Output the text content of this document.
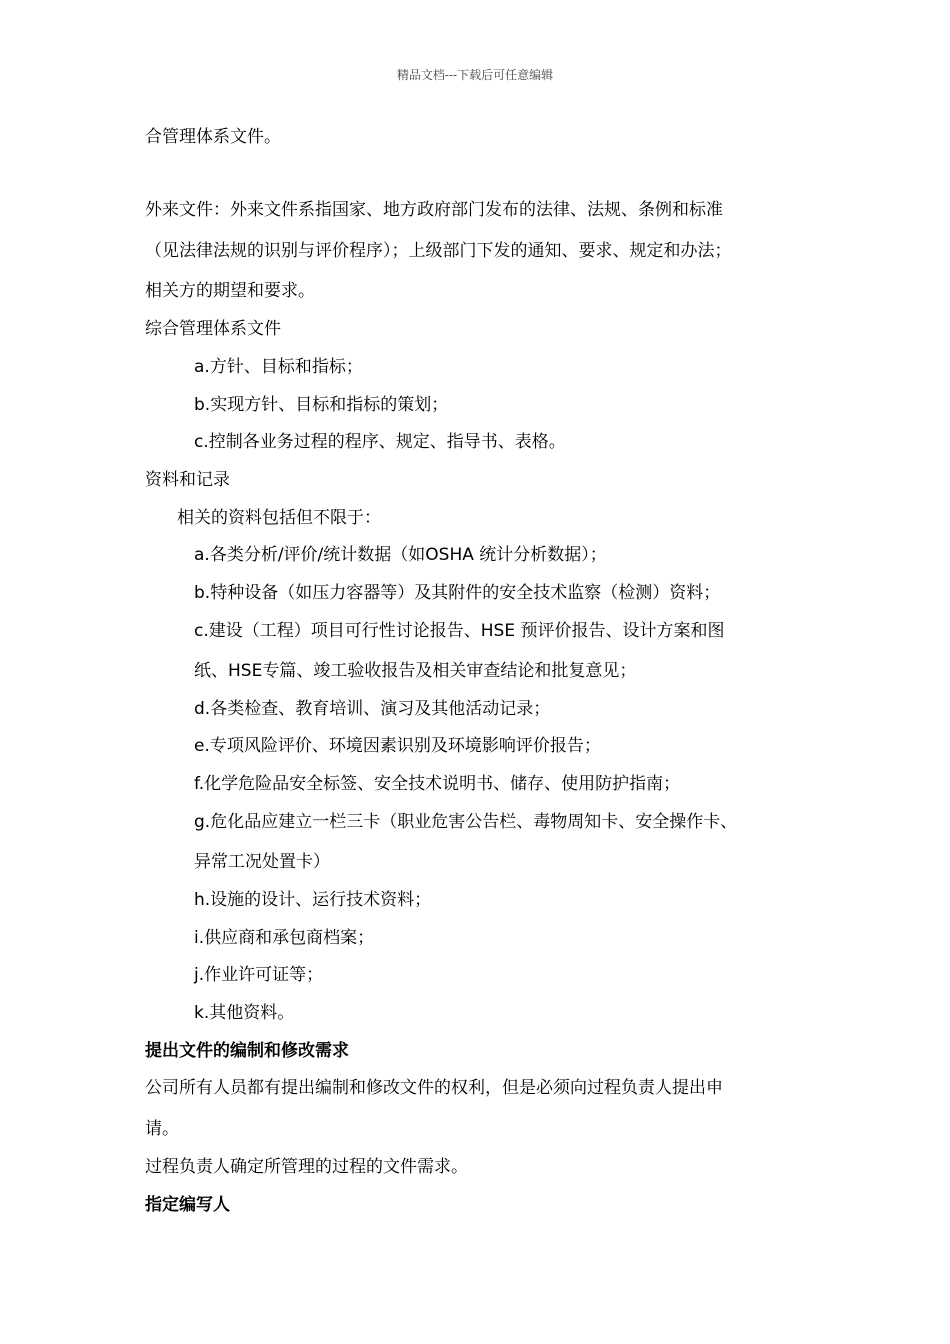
精品文档---下载后可任意编辑
合管理体系文件。
外来文件：外来文件系指国家、地方政府部门发布的法律、法规、条例和标准
（见法律法规的识别与评价程序）；上级部门下发的通知、要求、规定和办法；
相关方的期望和要求。
综合管理体系文件
a.方针、目标和指标；
b.实现方针、目标和指标的策划；
c.控制各业务过程的程序、规定、指导书、表格。
资料和记录
相关的资料包括但不限于：
a.各类分析/评价/统计数据（如OSHA 统计分析数据）；
b.特种设备（如压力容器等）及其附件的安全技术监察（检测）资料；
c.建设（工程）项目可行性讨论报告、HSE 预评价报告、设计方案和图
纸、HSE专篇、竣工验收报告及相关审查结论和批复意见；
d.各类检查、教育培训、演习及其他活动记录；
e.专项风险评价、环境因素识别及环境影响评价报告；
f.化学危险品安全标签、安全技术说明书、储存、使用防护指南；
g.危化品应建立一栏三卡（职业危害公告栏、毒物周知卡、安全操作卡、
异常工况处置卡）
h.设施的设计、运行技术资料；
i.供应商和承包商档案；
j.作业许可证等；
k.其他资料。
提出文件的编制和修改需求
公司所有人员都有提出编制和修改文件的权利，但是必须向过程负责人提出申
请。
过程负责人确定所管理的过程的文件需求。
指定编写人
